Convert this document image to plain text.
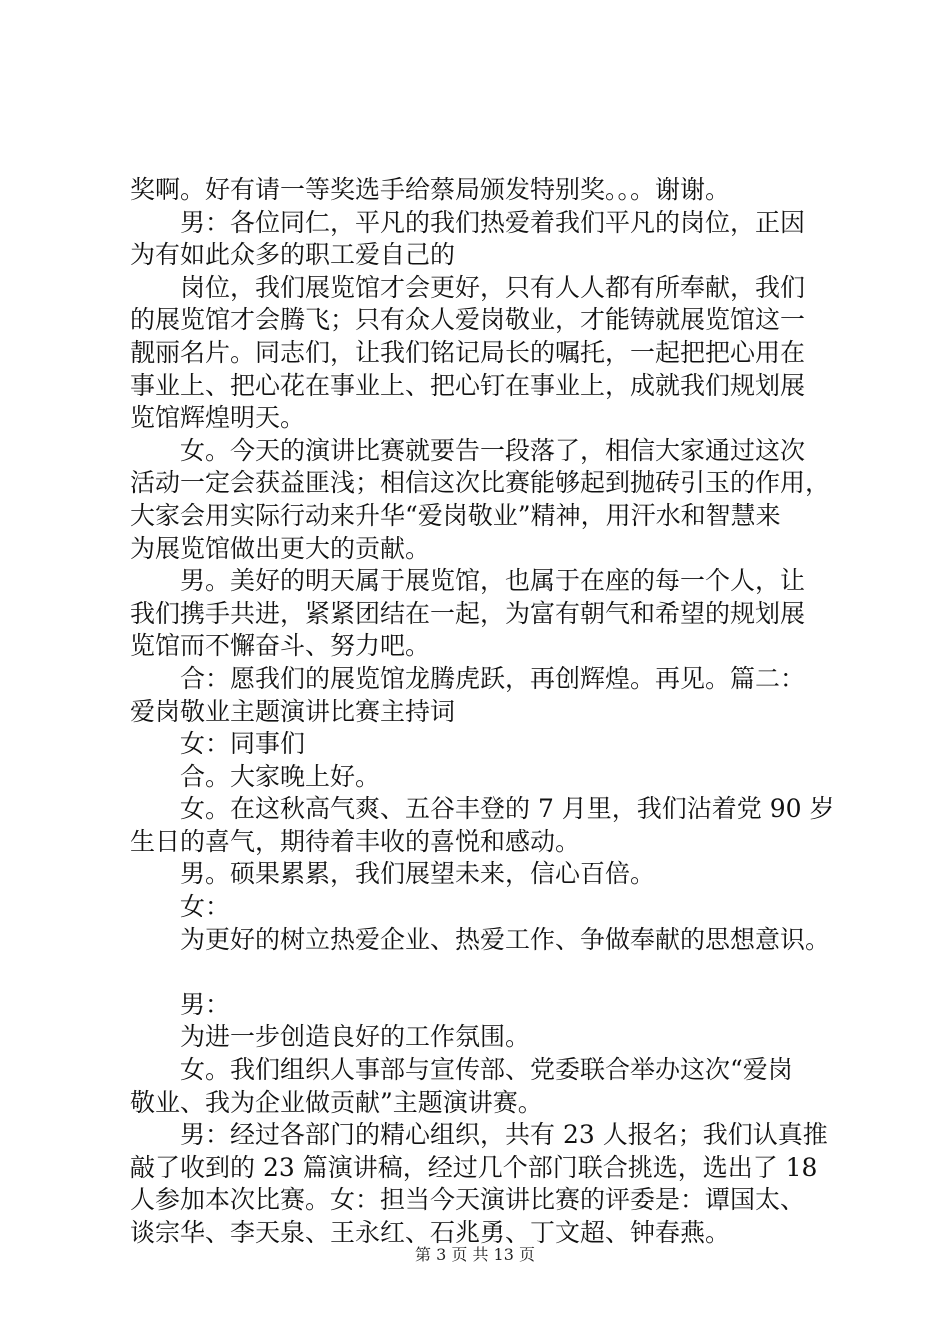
奖啊。好有请一等奖选手给蔡局颁发特别奖。。。谢谢。
男：各位同仁，平凡的我们热爱着我们平凡的岗位，正因
为有如此众多的职工爱自己的
岗位，我们展览馆才会更好，只有人人都有所奉献，我们
的展览馆才会腾飞；只有众人爱岗敬业，才能铸就展览馆这一
靓丽名片。同志们，让我们铭记局长的嘱托，一起把把心用在
事业上、把心花在事业上、把心钉在事业上，成就我们规划展
览馆辉煌明天。
女。今天的演讲比赛就要告一段落了，相信大家通过这次
活动一定会获益匪浅；相信这次比赛能够起到抛砖引玉的作用，
大家会用实际行动来升华“爱岗敬业”精神，用汗水和智慧来
为展览馆做出更大的贡献。
男。美好的明天属于展览馆，也属于在座的每一个人，让
我们携手共进，紧紧团结在一起，为富有朝气和希望的规划展
览馆而不懈奋斗、努力吧。
合：愿我们的展览馆龙腾虎跃，再创辉煌。再见。篇二：
爱岗敬业主题演讲比赛主持词
女：同事们
合。大家晚上好。
女。在这秋高气爽、五谷丰登的 7 月里，我们沾着党 90 岁
生日的喜气，期待着丰收的喜悦和感动。
男。硕果累累，我们展望未来，信心百倍。
女：
为更好的树立热爱企业、热爱工作、争做奉献的思想意识。
男：
为进一步创造良好的工作氛围。
女。我们组织人事部与宣传部、党委联合举办这次“爱岗
敬业、我为企业做贡献”主题演讲赛。
男：经过各部门的精心组织，共有 23 人报名；我们认真推
敲了收到的 23 篇演讲稿，经过几个部门联合挑选，选出了 18
人参加本次比赛。女：担当今天演讲比赛的评委是：谭国太、
谈宗华、李天泉、王永红、石兆勇、丁文超、钟春燕。
第 3 页 共 13 页
